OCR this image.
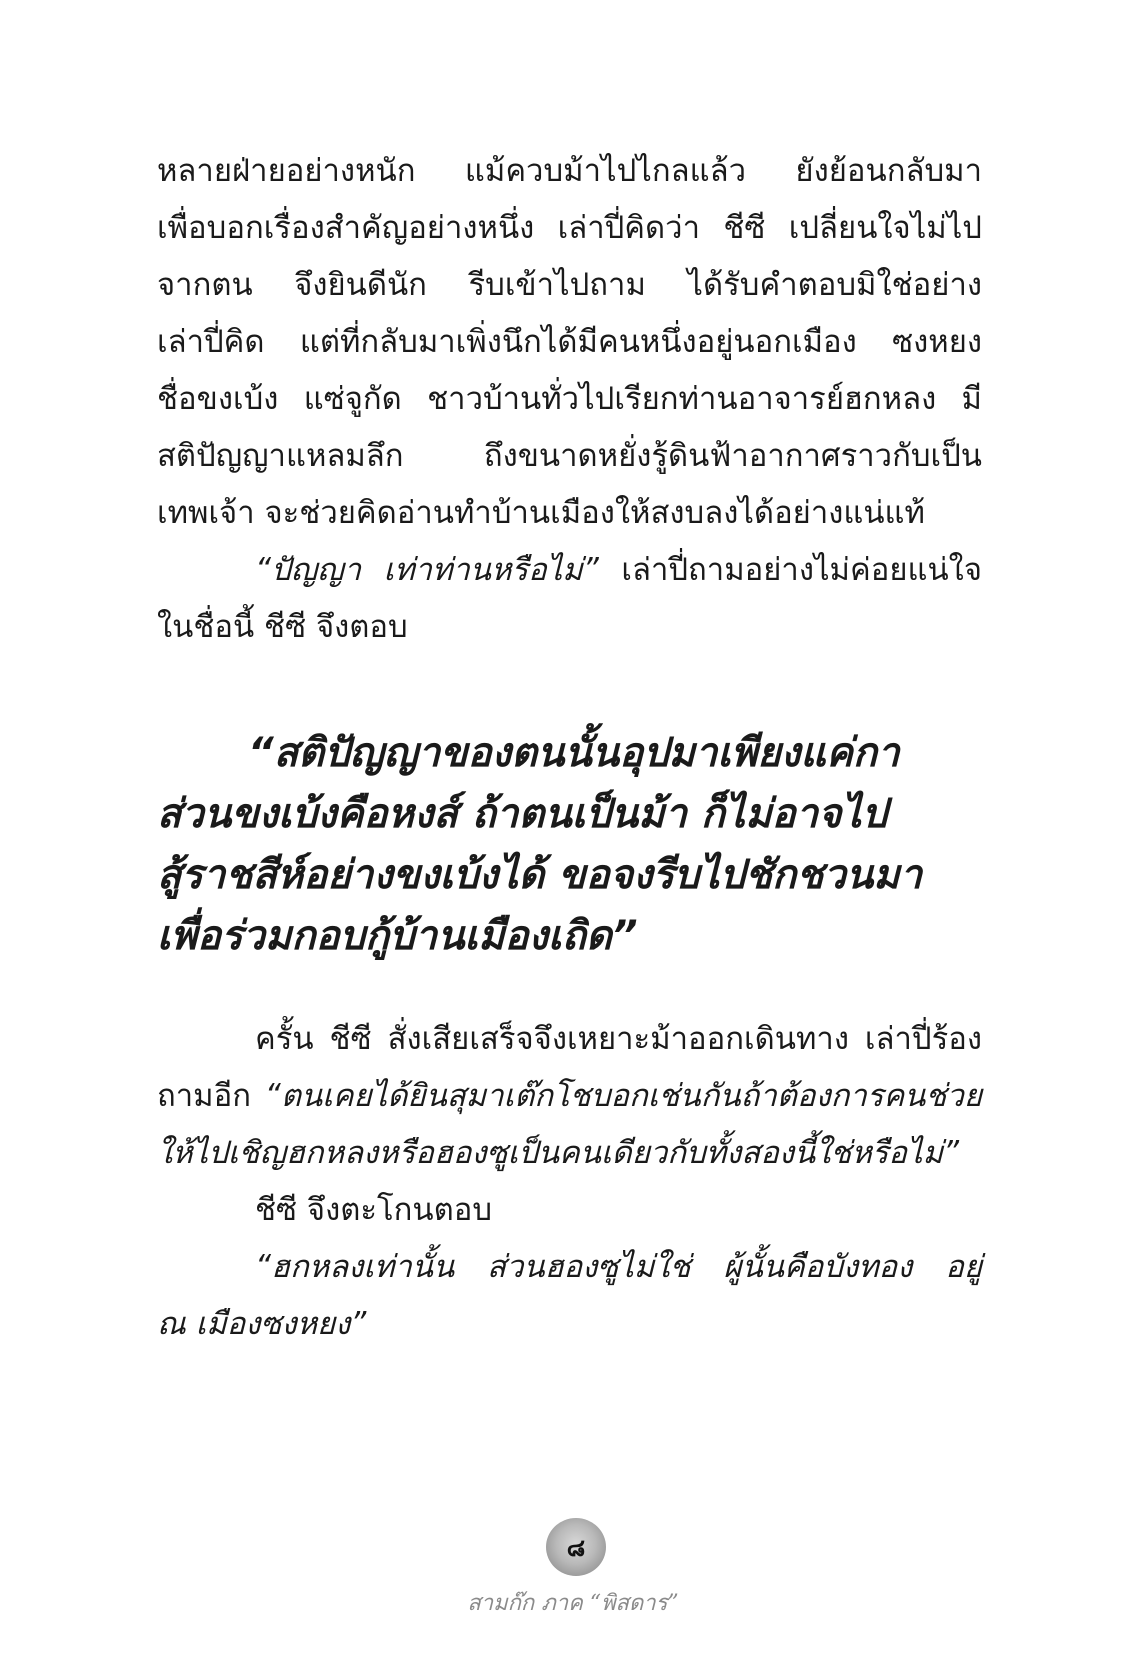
หลายฝ่ายอย่างหนัก แม้ควบม้าไปไกลแล้ว ยังย้อนกลับมา
เพื่อบอกเรื่องสำคัญอย่างหนึ่ง เล่าปี่คิดว่า ชีซี เปลี่ยนใจไม่ไป
จากตน จึงยินดีนัก รีบเข้าไปถาม ได้รับคำตอบมิใช่อย่าง
เล่าปี่คิด แต่ที่กลับมาเพิ่งนึกได้มีคนหนึ่งอยู่นอกเมือง ซงหยง
ชื่อขงเบ้ง แซ่จูกัด ชาวบ้านทั่วไปเรียกท่านอาจารย์ฮกหลง มี
สติปัญญาแหลมลึก ถึงขนาดหยั่งรู้ดินฟ้าอากาศราวกับเป็น
เทพเจ้า จะช่วยคิดอ่านทำบ้านเมืองให้สงบลงได้อย่างแน่แท้
“ปัญญา เท่าท่านหรือไม่” เล่าปี่ถามอย่างไม่ค่อยแน่ใจ
ในชื่อนี้ ชีซี จึงตอบ
“สติปัญญาของตนนั้นอุปมาเพียงแค่กา
ส่วนขงเบ้งคือหงส์ ถ้าตนเป็นม้า ก็ไม่อาจไป
สู้ราชสีห์อย่างขงเบ้งได้ ขอจงรีบไปชักชวนมา
เพื่อร่วมกอบกู้บ้านเมืองเถิด”
ครั้น ชีซี สั่งเสียเสร็จจึงเหยาะม้าออกเดินทาง เล่าปี่ร้อง
ถามอีก “ตนเคยได้ยินสุมาเต๊กโชบอกเช่นกันถ้าต้องการคนช่วย
ให้ไปเชิญฮกหลงหรือฮองซูเป็นคนเดียวกับทั้งสองนี้ใช่หรือไม่”
ชีซี จึงตะโกนตอบ
“ฮกหลงเท่านั้น ส่วนฮองซูไม่ใช่ ผู้นั้นคือบังทอง อยู่
ณ เมืองซงหยง”
๘
สามก๊ก ภาค “พิสดาร”
